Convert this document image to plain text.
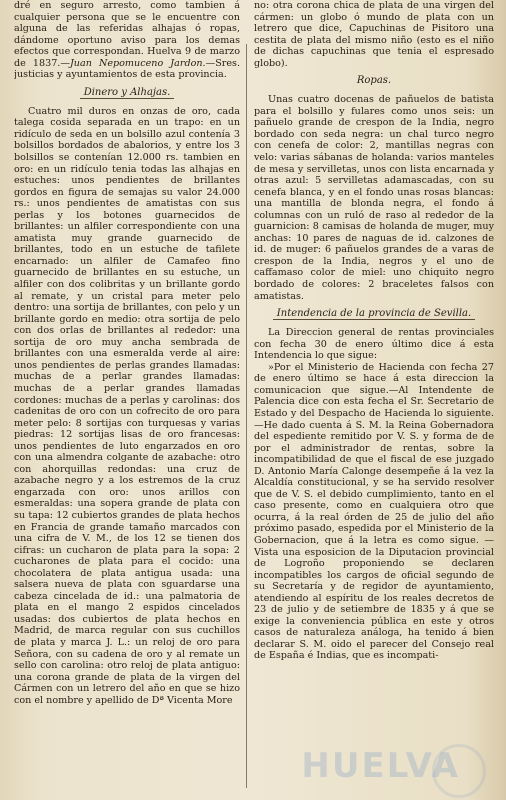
dré en seguro arresto, como tambien á cualquier persona que se le encuentre con alguna de las referidas alhajas ó ropas, dándome oportuno aviso para los demas efectos que correspondan. Huelva 9 de marzo de 1837.—Juan Nepomuceno Jardon.—Sres. justicias y ayuntamientos de esta provincia.

Dinero y Alhajas.

Cuatro mil duros en onzas de oro, cada talega cosida separada en un trapo: en un ridículo de seda en un bolsillo azul contenía 3 bolsillos bordados de abalorios, y entre los 3 bolsillos se contenían 12.000 rs. tambien en oro: en un ridículo tenia todas las alhajas en estuches: unos pendientes de brillantes gordos en figura de semajas su valor 24.000 rs.: unos pendientes de amatistas con sus perlas y los botones guarnecidos de brillantes: un alfiler correspondiente con una amatista muy grande guarnecido de brillantes, todo en un estuche de tafilete encarnado: un alfiler de Camafeo fino guarnecido de brillantes en su estuche, un alfiler con dos colibritas y un brillante gordo al remate, y un cristal para meter pelo dentro: una sortija de brillantes, con pelo y un brillante gordo en medio: otra sortija de pelo con dos orlas de brillantes al rededor: una sortija de oro muy ancha sembrada de brillantes con una esmeralda verde al aire: unos pendientes de perlas grandes llamadas: muchas de a perlar grandes llamadas: muchas de a perlar grandes llamadas cordones: muchas de a perlas y carolinas: dos cadenitas de oro con un cofrecito de oro para meter pelo: 8 sortijas con turquesas y varias piedras: 12 sortijas lisas de oro francesas: unos pendientes de luto engarzados en oro con una almendra colgante de azabache: otro con ahorquillas redondas: una cruz de azabache negro y a los estremos de la cruz engarzada con oro: unos arillos con esmeraldas: una sopera grande de plata con su tapa: 12 cubiertos grandes de plata hechos en Francia de grande tamaño marcados con una cifra de V. M., de los 12 se tienen dos cifras: un cucharon de plata para la sopa: 2 cucharones de plata para el cocido: una chocolatera de plata antigua usada: una salsera nueva de plata con sguardarse una cabeza cincelada de id.: una palmatoria de plata en el mango 2 espidos cincelados usadas: dos cubiertos de plata hechos en Madrid, de marca regular con sus cuchillos de plata y marca J. L.: un reloj de oro para Señora, con su cadena de oro y al remate un sello con carolina: otro reloj de plata antiguo: una corona grande de plata de la virgen del Cármen con un letrero del año en que se hizo con el nombre y apellido de Dª Vicenta More

no: otra corona chica de plata de una virgen del cármen: un globo ó mundo de plata con un letrero que dice, Capuchinas de Pisitoro una cestita de plata del mismo niño (esto es el niño de dichas capuchinas que tenia el espresado globo).

Ropas.

Unas cuatro docenas de pañuelos de batista para el bolsillo y fulares como unos seis: un pañuelo grande de crespon de la India, negro bordado con seda negra: un chal turco negro con cenefa de color: 2, mantillas negras con velo: varias sábanas de holanda: varios manteles de mesa y servilletas, unos con lista encarnada y otras azul: 5 servilletas adamascadas, con su cenefa blanca, y en el fondo unas rosas blancas: una mantilla de blonda negra, el fondo á columnas con un ruló de raso al rededor de la guarnicion: 8 camisas de holanda de muger, muy anchas: 10 pares de naguas de id. calzones de id. de muger: 6 pañuelos grandes de a varas de crespon de la India, negros y el uno de caffamaso color de miel: uno chiquito negro bordado de colores: 2 braceletes falsos con amatistas.

Intendencia de la provincia de Sevilla.

La Direccion general de rentas provinciales con fecha 30 de enero último dice á esta Intendencia lo que sigue:

»Por el Ministerio de Hacienda con fecha 27 de enero último se hace á esta direccion la comunicacion que sigue.—Al Intendente de Palencia dice con esta fecha el Sr. Secretario de Estado y del Despacho de Hacienda lo siguiente.—He dado cuenta á S. M. la Reina Gobernadora del espediente remitido por V. S. y forma de de por el administrador de rentas, sobre la incompatibilidad de que el fiscal de ese juzgado D. Antonio María Calonge desempeñe á la vez la Alcaldía constitucional, y se ha servido resolver que de V. S. el debido cumplimiento, tanto en el caso presente, como en cualquiera otro que ocurra, á la real órden de 25 de julio del año próximo pasado, espedida por el Ministerio de la Gobernacion, que á la letra es como sigue. —Vista una esposicion de la Diputacion provincial de Logroño proponiendo se declaren incompatibles los cargos de oficial segundo de su Secretaría y de regidor de ayuntamiento, atendiendo al espíritu de los reales decretos de 23 de julio y de setiembre de 1835 y á que se exige la conveniencia pública en este y otros casos de naturaleza análoga, ha tenido á bien declarar S. M. oido el parecer del Consejo real de España é Indias, que es incompati-

HUELVA
